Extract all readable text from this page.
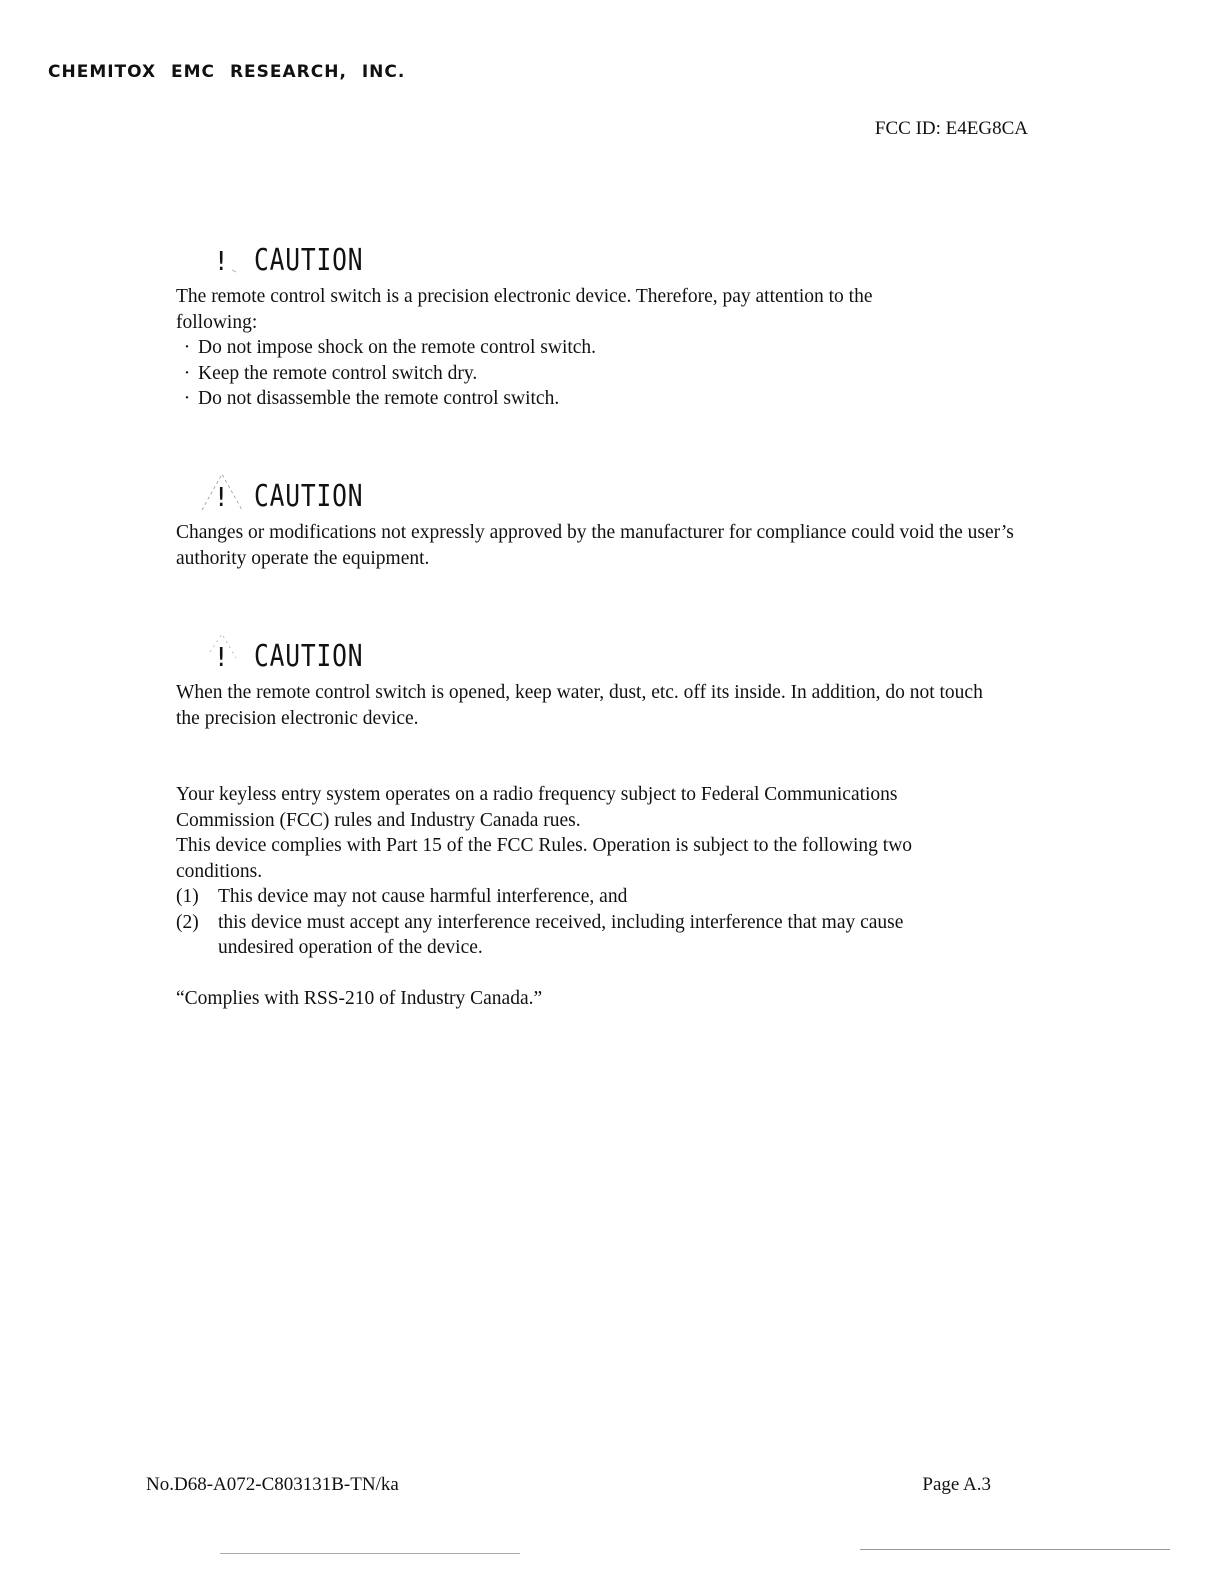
CHEMITOX EMC RESEARCH, INC.
FCC ID: E4EG8CA
! CAUTION

The remote control switch is a precision electronic device. Therefore, pay attention to the following:

· Do not impose shock on the remote control switch.
· Keep the remote control switch dry.
· Do not disassemble the remote control switch.
! CAUTION

Changes or modifications not expressly approved by the manufacturer for compliance could void the user’s authority operate the equipment.

! CAUTION

When the remote control switch is opened, keep water, dust, etc. off its inside. In addition, do not touch the precision electronic device.

Your keyless entry system operates on a radio frequency subject to Federal Communications Commission (FCC) rules and Industry Canada rues.

This device complies with Part 15 of the FCC Rules. Operation is subject to the following two conditions.

(1) This device may not cause harmful interference, and
(2) this device must accept any interference received, including interference that may cause undesired operation of the device.

“Complies with RSS-210 of Industry Canada.”

No.D68-A072-C803131B-TN/ka	Page A.3
